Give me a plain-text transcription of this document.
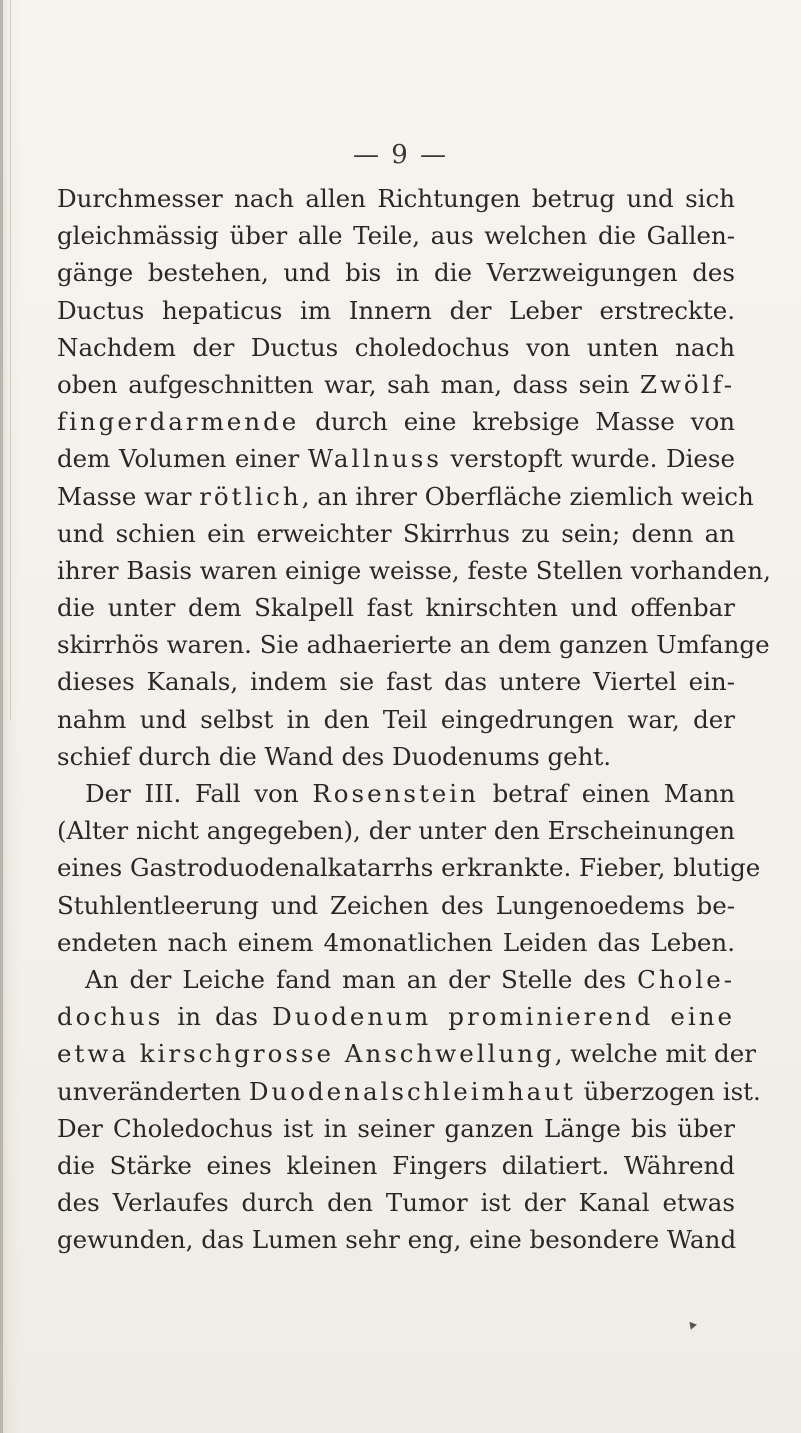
— 9 —
Durchmesser nach allen Richtungen betrug und sich
gleichmässig über alle Teile, aus welchen die Gallen-
gänge bestehen, und bis in die Verzweigungen des
Ductus hepaticus im Innern der Leber erstreckte.
Nachdem der Ductus choledochus von unten nach
oben aufgeschnitten war, sah man, dass sein Zwölf-
fingerdarmende durch eine krebsige Masse von
dem Volumen einer Wallnuss verstopft wurde. Diese
Masse war rötlich, an ihrer Oberfläche ziemlich weich
und schien ein erweichter Skirrhus zu sein; denn an
ihrer Basis waren einige weisse, feste Stellen vorhanden,
die unter dem Skalpell fast knirschten und offenbar
skirrhös waren. Sie adhaerierte an dem ganzen Umfange
dieses Kanals, indem sie fast das untere Viertel ein-
nahm und selbst in den Teil eingedrungen war, der
schief durch die Wand des Duodenums geht.
Der III. Fall von Rosenstein betraf einen Mann
(Alter nicht angegeben), der unter den Erscheinungen
eines Gastroduodenalkatarrhs erkrankte. Fieber, blutige
Stuhlentleerung und Zeichen des Lungenoedems be-
endeten nach einem 4monatlichen Leiden das Leben.
An der Leiche fand man an der Stelle des Chole-
dochus in das Duodenum prominierend eine
etwa kirschgrosse Anschwellung, welche mit der
unveränderten Duodenalschleimhaut überzogen ist.
Der Choledochus ist in seiner ganzen Länge bis über
die Stärke eines kleinen Fingers dilatiert. Während
des Verlaufes durch den Tumor ist der Kanal etwas
gewunden, das Lumen sehr eng, eine besondere Wand
